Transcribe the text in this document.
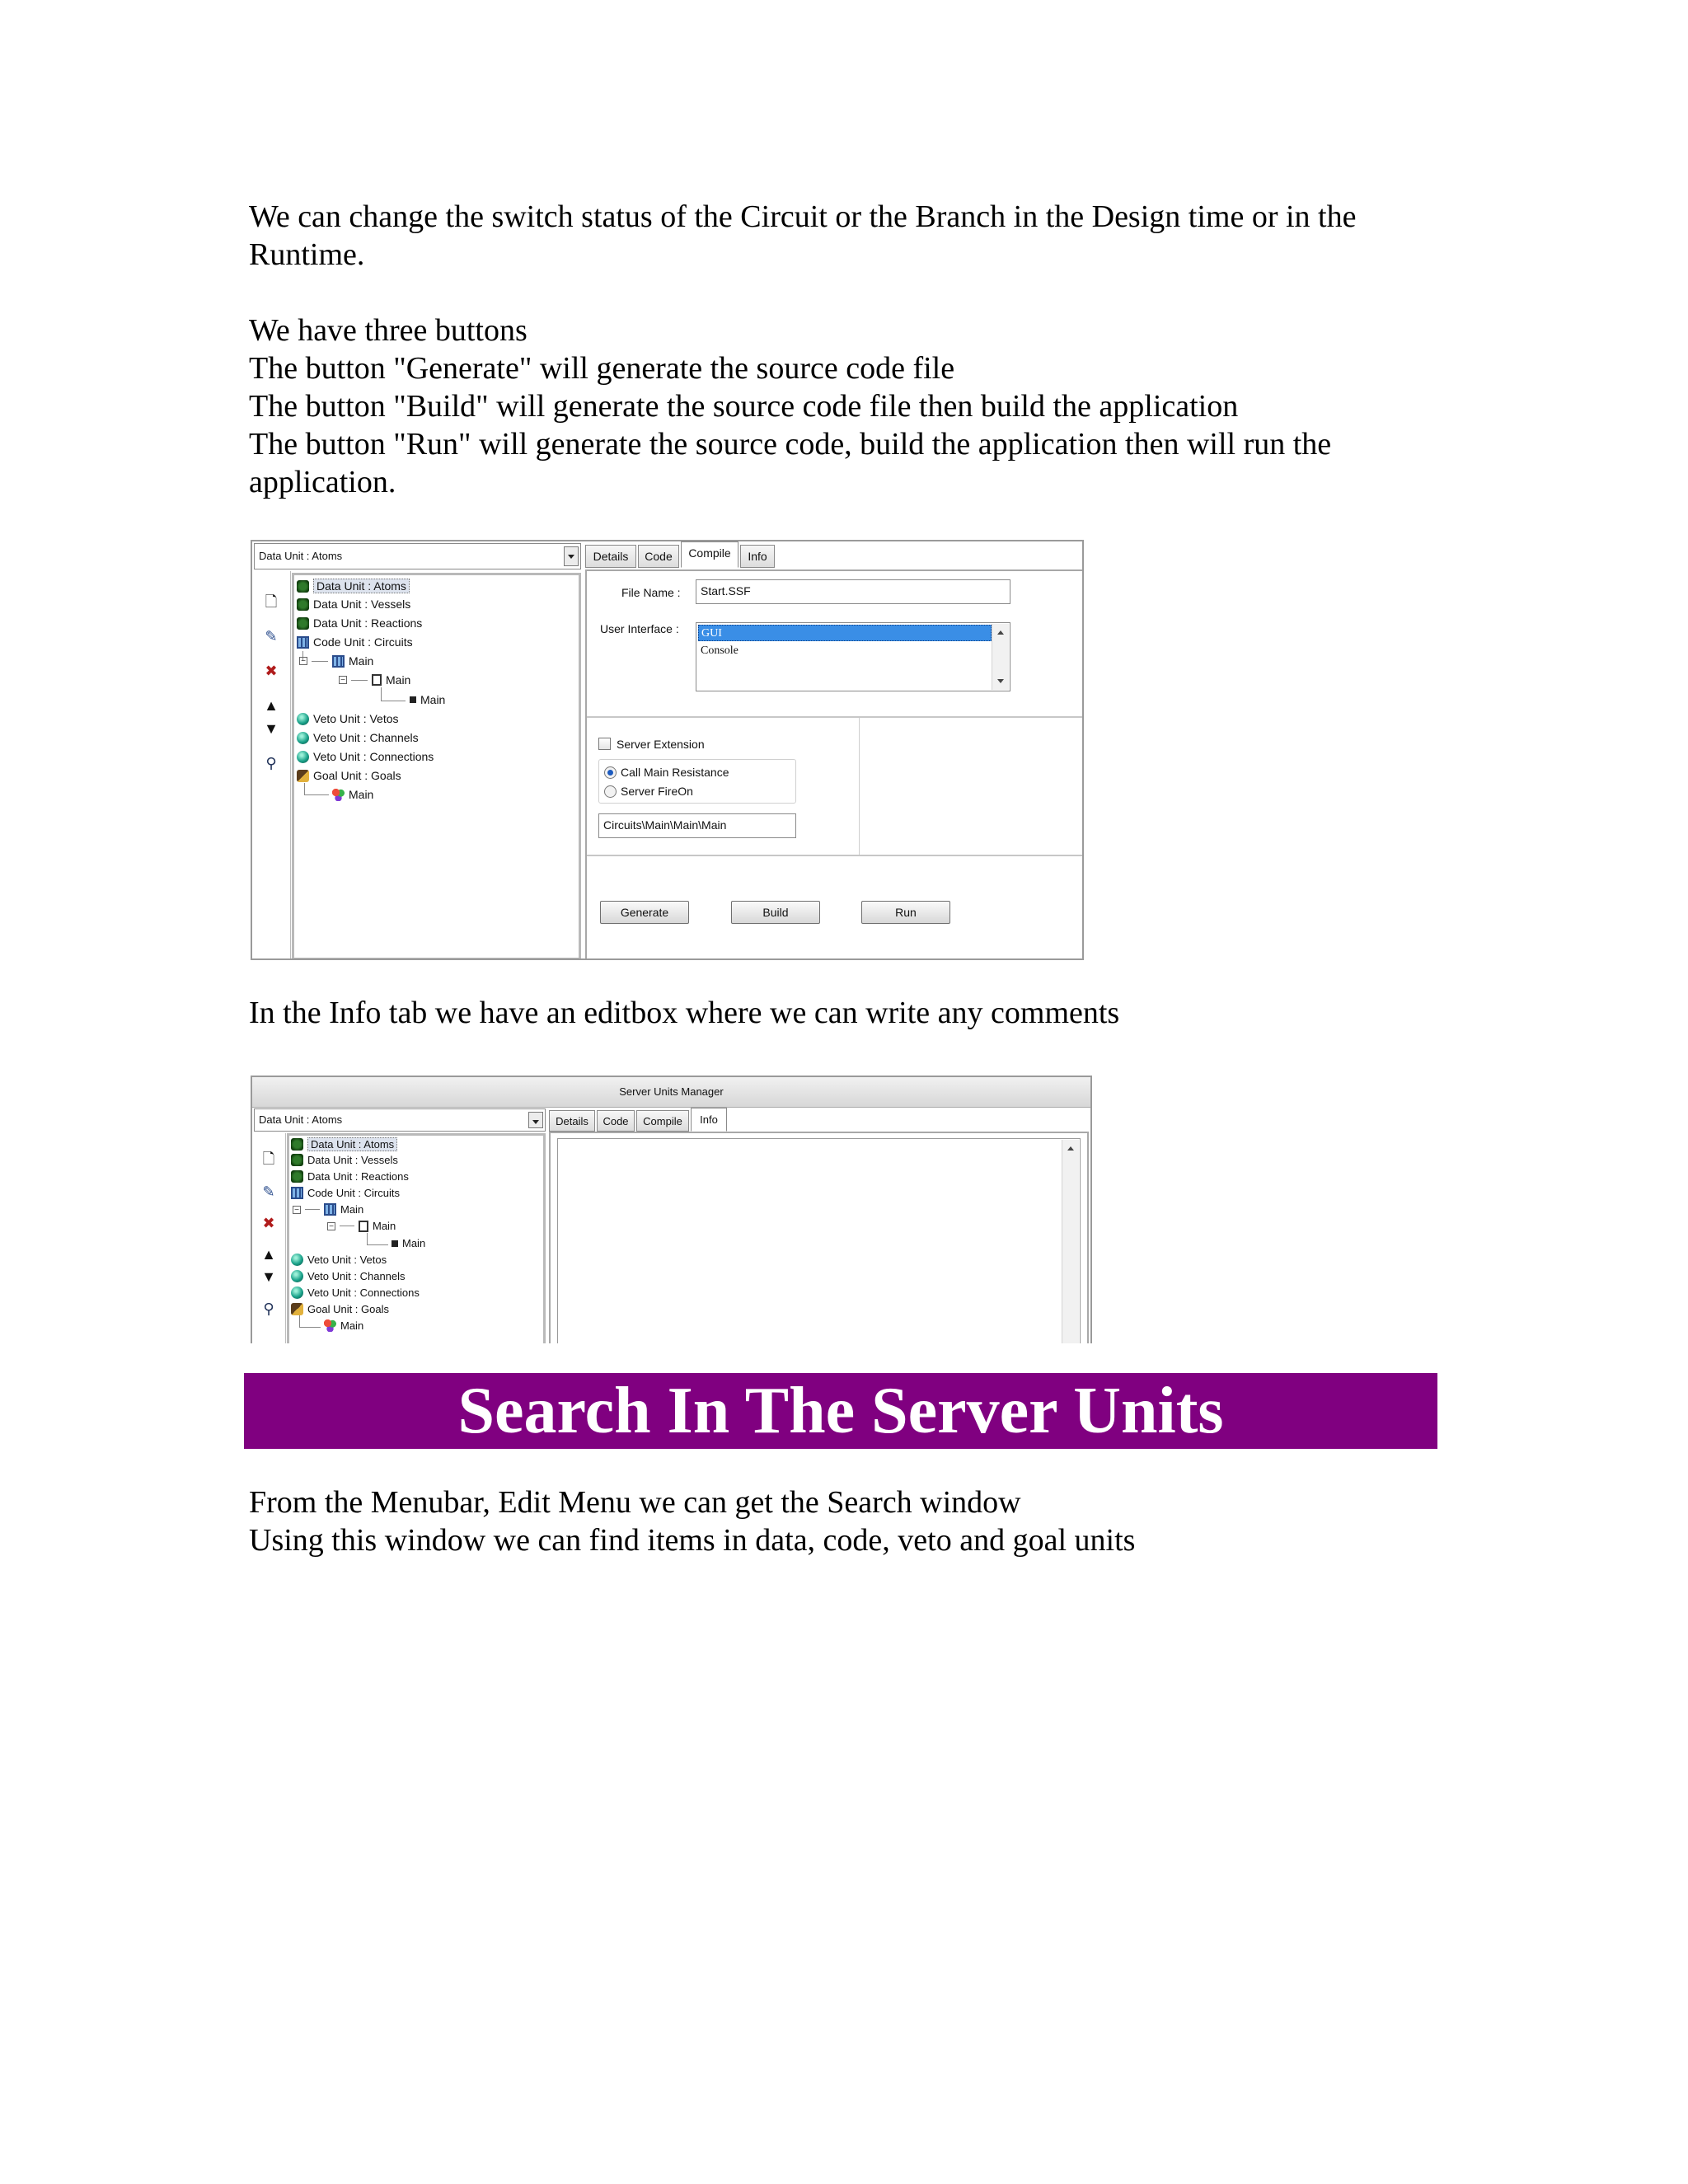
We can change the switch status of the Circuit or the Branch in the Design time or in the
Runtime.
We have three buttons
The button "Generate" will generate the source code file
The button "Build" will generate the source code file then build the application
The button "Run" will generate the source code, build the application then will run the
application.
Data Unit : Atoms
🗋
✎
✖
▲
▼
⚲
Data Unit : Atoms
Data Unit : Vessels
Data Unit : Reactions
Code Unit : Circuits
−	Main
−	Main
Main
Veto Unit : Vetos
Veto Unit : Channels
Veto Unit : Connections
Goal Unit : Goals
Main
Details	Code	Compile	Info
File Name :	Start.SSF
User Interface : GUI
Console
Server Extension
Call Main Resistance
Server FireOn
Circuits\Main\Main\Main
Generate	Build	Run
In the Info tab we have an editbox where we can write any comments
Server Units Manager
Data Unit : Atoms
🗋
✎
✖
▲
▼
⚲
Data Unit : Atoms
Data Unit : Vessels
Data Unit : Reactions
Code Unit : Circuits
−	Main
−	Main
Main
Veto Unit : Vetos
Veto Unit : Channels
Veto Unit : Connections
Goal Unit : Goals
Main
Details	Code	Compile	Info
Search In The Server Units
From the Menubar, Edit Menu we can get the Search window
Using this window we can find items in data, code, veto and goal units
